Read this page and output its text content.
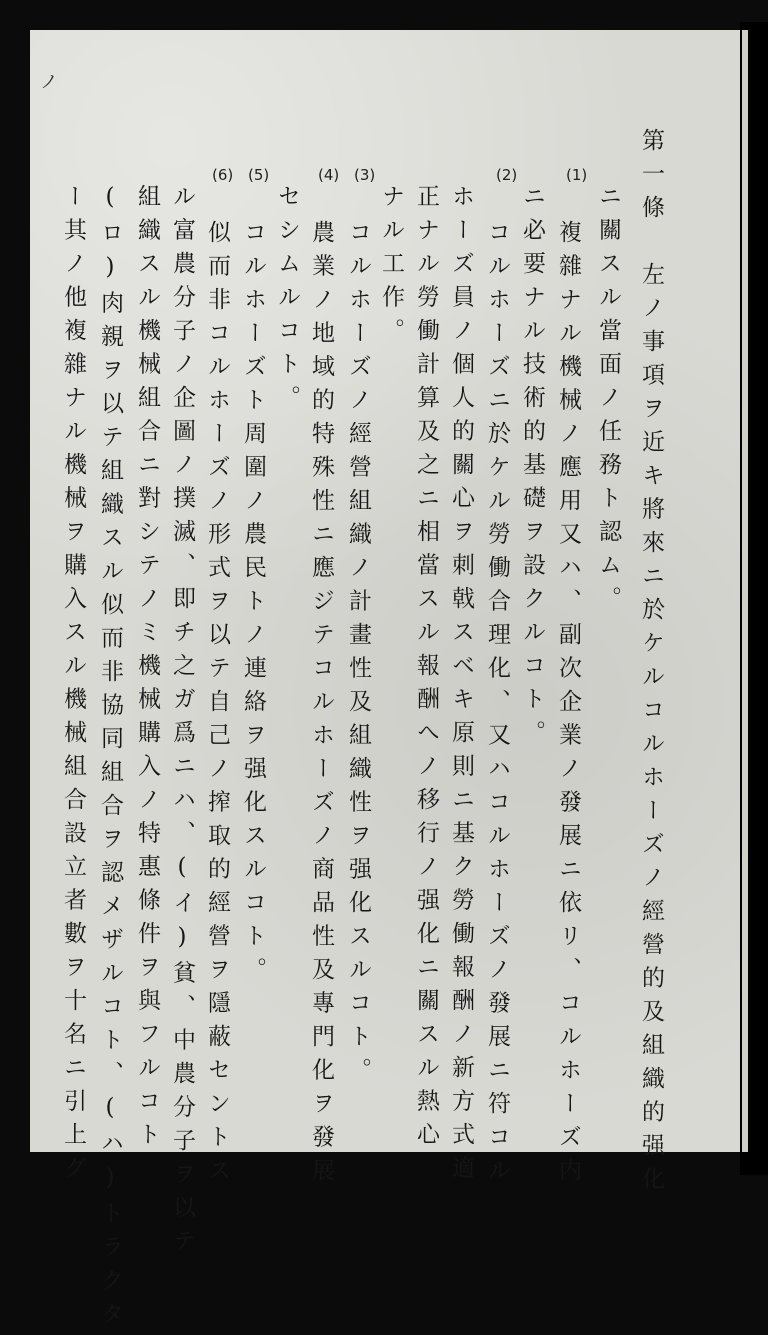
ノ
第一條　左ノ事項ヲ近キ將來ニ於ケルコルホーズノ經營的及組織的强化
ニ關スル當面ノ任務ト認ム。
複雜ナル機械ノ應用又ハ、副次企業ノ發展ニ依リ、コルホーズ内
ニ必要ナル技術的基礎ヲ設クルコト。
コルホーズニ於ケル勞働合理化、又ハコルホーズノ發展ニ符コル
ホーズ員ノ個人的關心ヲ刺戟スベキ原則ニ基ク勞働報酬ノ新方式適
正ナル勞働計算及之ニ相當スル報酬へノ移行ノ强化ニ關スル熱心
ナル工作。
コルホーズノ經營組織ノ計畫性及組織性ヲ强化スルコト。
農業ノ地域的特殊性ニ應ジテコルホーズノ商品性及專門化ヲ發展
セシムルコト。
コルホーズト周圍ノ農民トノ連絡ヲ强化スルコト。
似而非コルホーズノ形式ヲ以テ自己ノ搾取的經營ヲ隱蔽セントス
ル富農分子ノ企圖ノ撲滅、即チ之ガ爲ニハ、(イ)貧、中農分子ヲ以テ
組織スル機械組合ニ對シテノミ機械購入ノ特惠條件ヲ與フルコト
(ロ)肉親ヲ以テ組織スル似而非協同組合ヲ認メザルコト、(ハ)トラクタ
ー其ノ他複雜ナル機械ヲ購入スル機械組合設立者數ヲ十名ニ引上グ
(1)
(2)
(3)
(4)
(5)
(6)
